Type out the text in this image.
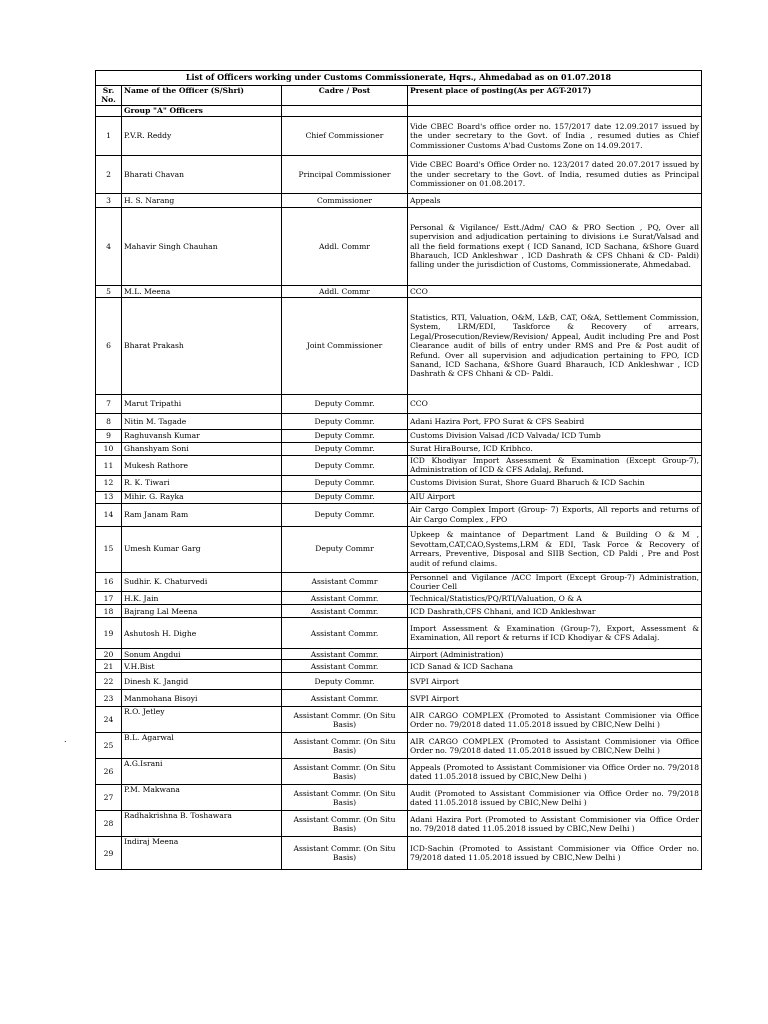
List of Officers working under Customs Commissionerate, Hqrs., Ahmedabad as on 01.07.2018			
Sr. No.	Name of the Officer (S/Shri)	Cadre / Post	Present place of posting(As per AGT-2017)
	Group "A" Officers		
1	P.V.R. Reddy	Chief Commissioner	Vide CBEC Board's office order no. 157/2017 date 12.09.2017 issued by the under secretary to the Govt. of India , resumed duties as Chief Commissioner Customs A'bad Customs Zone on 14.09.2017.
2	Bharati Chavan	Principal Commissioner	Vide CBEC Board's Office Order no. 123/2017 dated 20.07.2017 issued by the under secretary to the Govt. of India, resumed duties as Principal Commissioner on 01.08.2017.
3	H. S. Narang	Commissioner	Appeals
4	Mahavir Singh Chauhan	Addl. Commr	Personal & Vigilance/ Estt./Adm/ CAO & PRO Section , PQ, Over all supervision and adjudication pertaining to divisions i.e Surat/Valsad and all the field formations exept ( ICD Sanand, ICD Sachana, &Shore Guard Bharauch, ICD Ankleshwar , ICD Dashrath & CFS Chhani & CD- Paldi) falling under the jurisdiction of Customs, Commissionerate, Ahmedabad.
5	M.L. Meena	Addl. Commr	CCO
6	Bharat Prakash	Joint Commissioner	Statistics, RTI, Valuation, O&M, L&B, CAT, O&A, Settlement Commission, System, LRM/EDI, Taskforce & Recovery of arrears, Legal/Prosecution/Review/Revision/ Appeal, Audit including Pre and Post Clearance audit of bills of entry under RMS and Pre & Post audit of Refund. Over all supervision and adjudication pertaining to FPO, ICD Sanand, ICD Sachana, &Shore Guard Bharauch, ICD Ankleshwar , ICD Dashrath & CFS Chhani & CD- Paldi.
7	Marut Tripathi	Deputy Commr.	CCO
8	Nitin M. Tagade	Deputy Commr.	Adani Hazira Port, FPO Surat & CFS Seabird
9	Raghuvansh Kumar	Deputy Commr.	Customs Division Valsad /ICD Valvada/ ICD Tumb
10	Ghanshyam Soni	Deputy Commr.	Surat HiraBourse, ICD Kribhco.
11	Mukesh Rathore	Deputy Commr.	ICD Khodiyar Import Assessment & Examination (Except Group-7), Administration of ICD & CFS Adalaj, Refund.
12	R. K. Tiwari	Deputy Commr.	Customs Division Surat, Shore Guard Bharuch & ICD Sachin
13	Mihir. G. Rayka	Deputy Commr.	AIU Airport
14	Ram Janam Ram	Deputy Commr.	Air Cargo Complex Import (Group- 7) Exports, All reports and returns of Air Cargo Complex , FPO
15	Umesh Kumar Garg	Deputy Commr	Upkeep & maintance of Department Land & Building O & M , Sevottam,CAT,CAO,Systems,LRM & EDI, Task Force & Recovery of Arrears, Preventive, Disposal and SIIB Section, CD Paldi , Pre and Post audit of refund claims.
16	Sudhir. K. Chaturvedi	Assistant Commr	Personnel and Vigilance /ACC Import (Except Group-7) Administration, Courier Cell
17	H.K. Jain	Assistant Commr.	Technical/Statistics/PQ/RTI/Valuation, O & A
18	Bajrang Lal Meena	Assistant Commr.	ICD Dashrath,CFS Chhani, and ICD Ankleshwar
19	Ashutosh H. Dighe	Assistant Commr.	Import Assessment & Examination (Group-7), Export, Assessment & Examination, All report & returns if ICD Khodiyar & CFS Adalaj.
20	Sonum Angdui	Assistant Commr.	Airport (Administration)
21	V.H.Bist	Assistant Commr.	ICD Sanad & ICD Sachana
22	Dinesh K. Jangid	Deputy Commr.	SVPI Airport
23	Manmohana Bisoyi	Assistant Commr.	SVPI Airport
24	R.O. Jetley	Assistant Commr. (On Situ Basis)	AIR CARGO COMPLEX (Promoted to Assistant Commisioner via Office Order no. 79/2018 dated 11.05.2018 issued by CBIC,New Delhi )
25	B.L. Agarwal	Assistant Commr. (On Situ Basis)	AIR CARGO COMPLEX (Promoted to Assistant Commisioner via Office Order no. 79/2018 dated 11.05.2018 issued by CBIC,New Delhi )
26	A.G.Israni	Assistant Commr. (On Situ Basis)	Appeals (Promoted to Assistant Commisioner via Office Order no. 79/2018 dated 11.05.2018 issued by CBIC,New Delhi )
27	P.M. Makwana	Assistant Commr. (On Situ Basis)	Audit (Promoted to Assistant Commisioner via Office Order no. 79/2018 dated 11.05.2018 issued by CBIC,New Delhi )
28	Radhakrishna B. Toshawara	Assistant Commr. (On Situ Basis)	Adani Hazira Port (Promoted to Assistant Commisioner via Office Order no. 79/2018 dated 11.05.2018 issued by CBIC,New Delhi )
29	Indiraj Meena	Assistant Commr. (On Situ Basis)	ICD-Sachin (Promoted to Assistant Commisioner via Office Order no. 79/2018 dated 11.05.2018 issued by CBIC,New Delhi )
.
